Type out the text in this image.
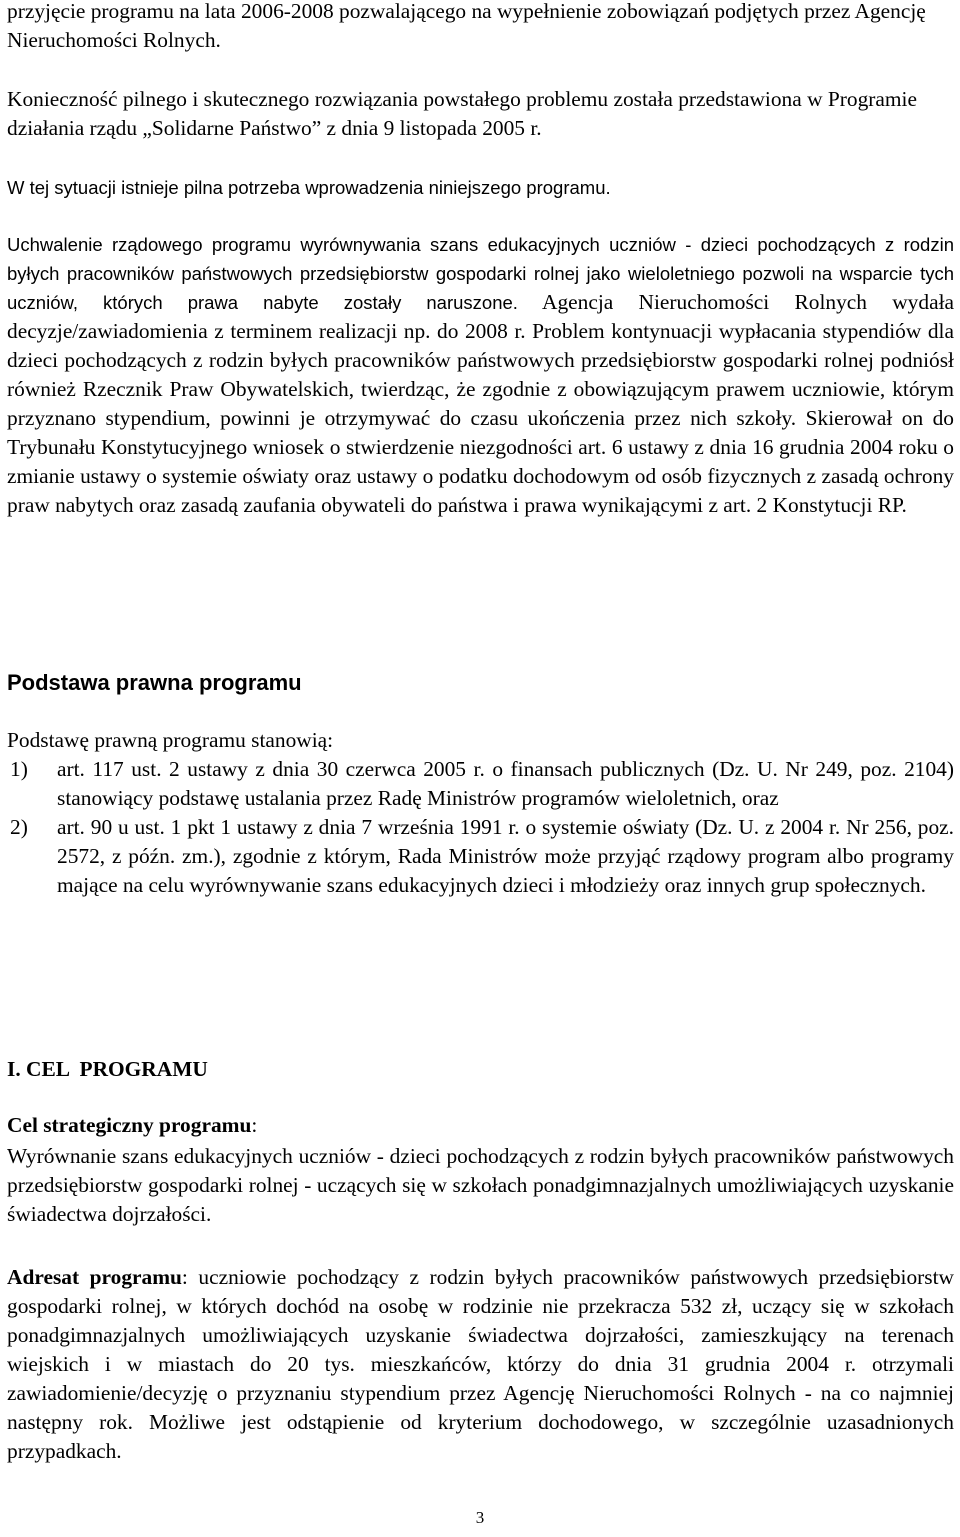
przyjęcie programu na lata 2006-2008 pozwalającego na wypełnienie zobowiązań podjętych przez Agencję Nieruchomości Rolnych.

Konieczność pilnego i skutecznego rozwiązania powstałego problemu została przedstawiona w Programie działania rządu „Solidarne Państwo” z dnia 9 listopada 2005 r.

W tej sytuacji istnieje pilna potrzeba wprowadzenia niniejszego programu.

Uchwalenie rządowego programu wyrównywania szans edukacyjnych uczniów - dzieci pochodzących z rodzin byłych pracowników państwowych przedsiębiorstw gospodarki rolnej jako wieloletniego pozwoli na wsparcie tych uczniów, których prawa nabyte zostały naruszone. Agencja Nieruchomości Rolnych wydała decyzje/zawiadomienia z terminem realizacji np. do 2008 r. Problem kontynuacji wypłacania stypendiów dla dzieci pochodzących z rodzin byłych pracowników państwowych przedsiębiorstw gospodarki rolnej podniósł również Rzecznik Praw Obywatelskich, twierdząc, że zgodnie z obowiązującym prawem uczniowie, którym przyznano stypendium, powinni je otrzymywać do czasu ukończenia przez nich szkoły. Skierował on do Trybunału Konstytucyjnego wniosek o stwierdzenie niezgodności art. 6 ustawy z dnia 16 grudnia 2004 roku o zmianie ustawy o systemie oświaty oraz ustawy o podatku dochodowym od osób fizycznych z zasadą ochrony praw nabytych oraz zasadą zaufania obywateli do państwa i prawa wynikającymi z art. 2 Konstytucji RP.

Podstawa prawna programu

Podstawę prawną programu stanowią:

1) art. 117 ust. 2 ustawy z dnia 30 czerwca 2005 r. o finansach publicznych (Dz. U. Nr 249, poz. 2104) stanowiący podstawę ustalania przez Radę Ministrów programów wieloletnich, oraz
2) art. 90 u ust. 1 pkt 1 ustawy z dnia 7 września 1991 r. o systemie oświaty (Dz. U. z 2004 r. Nr 256, poz. 2572, z późn. zm.), zgodnie z którym, Rada Ministrów może przyjąć rządowy program albo programy mające na celu wyrównywanie szans edukacyjnych dzieci i młodzieży oraz innych grup społecznych.
I. CEL  PROGRAMU

Cel strategiczny programu:

Wyrównanie szans edukacyjnych uczniów - dzieci pochodzących z rodzin byłych pracowników państwowych przedsiębiorstw gospodarki rolnej - uczących się w szkołach ponadgimnazjalnych umożliwiających uzyskanie świadectwa dojrzałości.

Adresat programu: uczniowie pochodzący z rodzin byłych pracowników państwowych przedsiębiorstw gospodarki rolnej, w których dochód na osobę w rodzinie nie przekracza 532 zł, uczący się w szkołach ponadgimnazjalnych umożliwiających uzyskanie świadectwa dojrzałości, zamieszkujący na terenach wiejskich i w miastach do 20 tys. mieszkańców, którzy do dnia 31 grudnia 2004 r. otrzymali zawiadomienie/decyzję o przyznaniu stypendium przez Agencję Nieruchomości Rolnych - na co najmniej następny rok. Możliwe jest odstąpienie od kryterium dochodowego, w szczególnie uzasadnionych przypadkach.

3
